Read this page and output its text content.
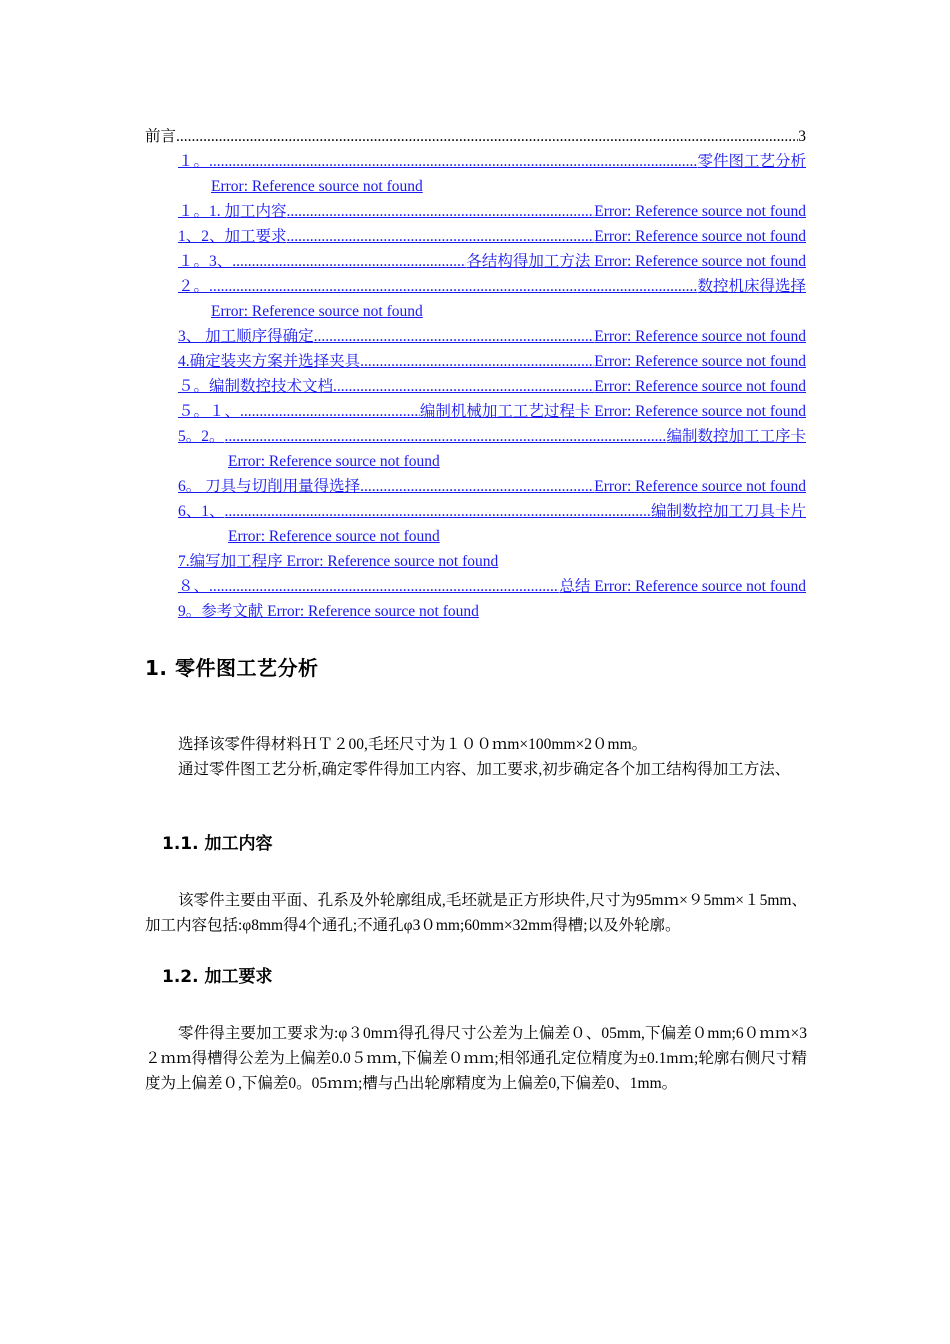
前言 .....	3
１。 .....	零件图工艺分析
Error: Reference source not found
１。1. 加工内容 .....	Error: Reference source not found
1、2、﻿加工要求 .....	Error: Reference source not found
１。3、 .....	各结构得加工方法 ﻿ Error: Reference source not found
２。 .....	数控机床得选择
Error: Reference source not found
3、 加工顺序得确定 .....	Error: Reference source not found
4.﻿确定装夹方案并选择夹具 .....	Error: Reference source not found
５。﻿编制数控技术文档 .....	Error: Reference source not found
５。１、 .....	编制机械加工工艺过程卡 ﻿ Error: Reference source not found
5。2。 .....	编制数控加工工序卡
Error: Reference source not found
6。 刀具与切削用量得选择 .....	Error: Reference source not found
6、1、 .....	编制数控加工刀具卡片
Error: Reference source not found
7.﻿编写加工程序 ﻿Error: Reference source not found
８、 .....	总结 ﻿ Error: Reference source not found
9。﻿参考文献 ﻿Error: Reference source not found
1. 零件图工艺分析
选择该零件得材料ＨＴ２00,毛坯尺寸为１００ｍm×100mm×2０mm。
通过零件图工艺分析,确定零件得加工内容、加工要求,初步确定各个加工结构得加工方法、
1.1. 加工内容
该零件主要由平面、孔系及外轮廓组成,毛坯就是正方形块件,尺寸为95mｍ×９5mm×１5mm、加工内容包括:φ8mm得4个通孔;不通孔φ3０mm;60mm×32mm得槽;以及外轮廓。
1.2. 加工要求
零件得主要加工要求为:φ３0mｍ得孔得尺寸公差为上偏差０、05mm,下偏差０mm;6０ｍｍ×3２ｍｍ得槽得公差为上偏差0.0５ｍｍ,下偏差０ｍｍ;相邻通孔定位精度为±0.1mｍ;轮廓右侧尺寸精度为上偏差０,下偏差0。05ｍｍ;槽与凸出轮廓精度为上偏差0,下偏差0、1mm。
